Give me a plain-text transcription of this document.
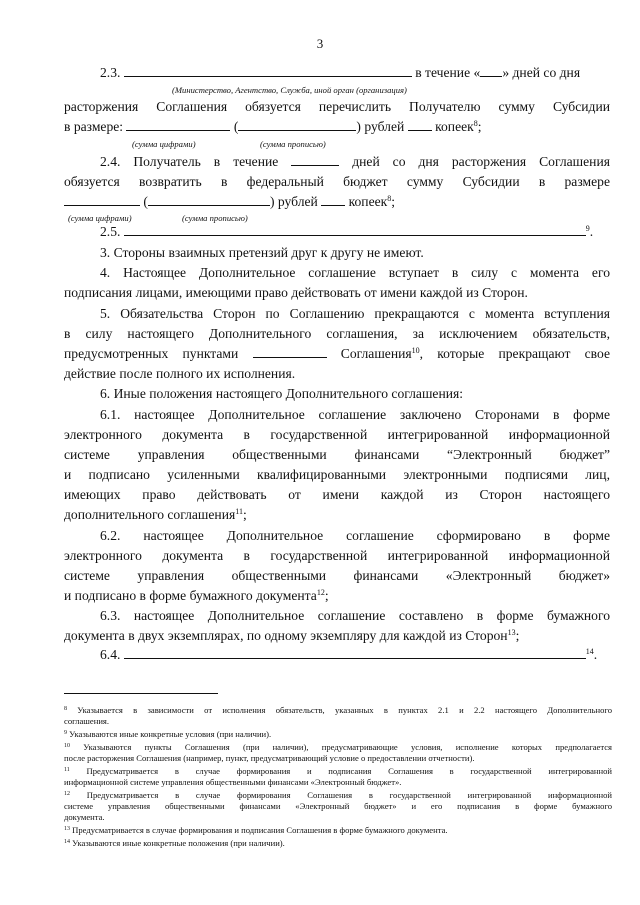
3
2.3.	в течение « » дней со дня
(Министерство, Агентство, Служба, иной орган (организация)
расторжения Соглашения обязуется перечислить Получателю сумму Субсидии
в размере:	(	) рублей копеек$^8$;
(сумма цифрами)	(сумма прописью)
2.4. Получатель в течение	дней со дня расторжения Соглашения
обязуется возвратить в федеральный бюджет сумму Субсидии в размере
(	) рублей копеек$^8$;
(сумма цифрами)	(сумма прописью)
2.5.	$^9$.
3. Стороны взаимных претензий друг к другу не имеют.
4. Настоящее Дополнительное соглашение вступает в силу с момента его
подписания лицами, имеющими право действовать от имени каждой из Сторон.
5. Обязательства Сторон по Соглашению прекращаются с момента вступления
в силу настоящего Дополнительного соглашения, за исключением обязательств,
предусмотренных пунктами	Соглашения$^{10}$, которые прекращают свое
действие после полного их исполнения.
6. Иные положения настоящего Дополнительного соглашения:
6.1. настоящее Дополнительное соглашение заключено Сторонами в форме
электронного документа в государственной интегрированной информационной
системе управления общественными финансами “Электронный бюджет”
и подписано усиленными квалифицированными электронными подписями лиц,
имеющих право действовать от имени каждой из Сторон настоящего
дополнительного соглашения$^{11}$;
6.2. настоящее Дополнительное соглашение сформировано в форме
электронного документа в государственной интегрированной информационной
системе управления общественными финансами «Электронный бюджет»
и подписано в форме бумажного документа$^{12}$;
6.3. настоящее Дополнительное соглашение составлено в форме бумажного
документа в двух экземплярах, по одному экземпляру для каждой из Сторон$^{13}$;
6.4.	$^{14}$.
$^8$ Указывается в зависимости от исполнения обязательств, указанных в пунктах 2.1 и 2.2 настоящего Дополнительного
соглашения.
$^9$ Указываются иные конкретные условия (при наличии).
$^{10}$ Указываются пункты Соглашения (при наличии), предусматривающие условия, исполнение которых предполагается
после расторжения Соглашения (например, пункт, предусматривающий условие о предоставлении отчетности).
$^{11}$ Предусматривается в случае формирования и подписания Соглашения в государственной интегрированной
информационной системе управления общественными финансами «Электронный бюджет».
$^{12}$ Предусматривается в случае формирования Соглашения в государственной интегрированной информационной
системе управления общественными финансами «Электронный бюджет» и его подписания в форме бумажного
документа.
$^{13}$ Предусматривается в случае формирования и подписания Соглашения в форме бумажного документа.
$^{14}$ Указываются иные конкретные положения (при наличии).
